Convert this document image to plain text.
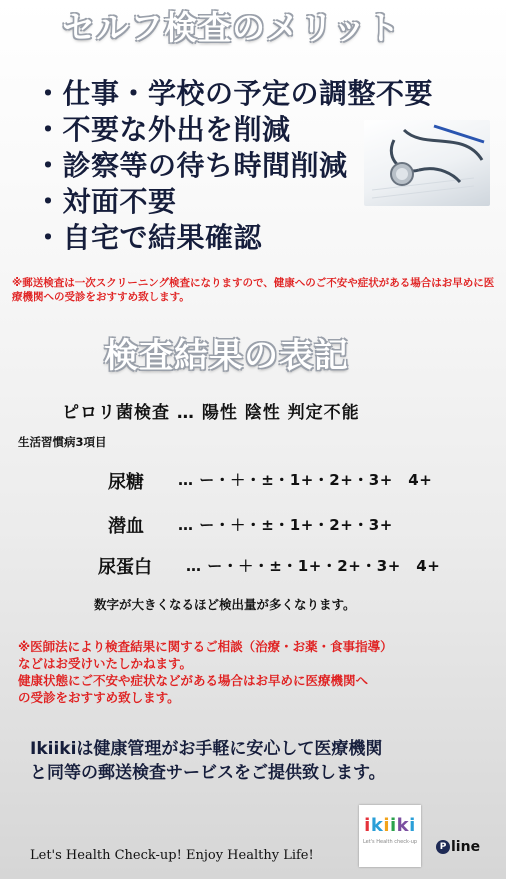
セルフ検査のメリット
・仕事・学校の予定の調整不要
・不要な外出を削減
・診察等の待ち時間削減
・対面不要
・自宅で結果確認
※郵送検査は一次スクリーニング検査になりますので、健康へのご不安や症状がある場合はお早めに医療機関への受診をおすすめ致します。
検査結果の表記
ピロリ菌検査 … 陽性 陰性 判定不能
生活習慣病3項目
尿糖 … ー・＋・±・1+・2+・3+　4+
潜血 … ー・＋・±・1+・2+・3+
尿蛋白 … ー・＋・±・1+・2+・3+　4+
数字が大きくなるほど検出量が多くなります。
※医師法により検査結果に関するご相談（治療・お薬・食事指導）
などはお受けいたしかねます。
健康状態にご不安や症状などがある場合はお早めに医療機関へ
の受診をおすすめ致します。
Ikiikiは健康管理がお手軽に安心して医療機関
と同等の郵送検査サービスをご提供致します。
ikiiki
Let's Health check-up
Let's Health Check-up! Enjoy Healthy Life!
P line
